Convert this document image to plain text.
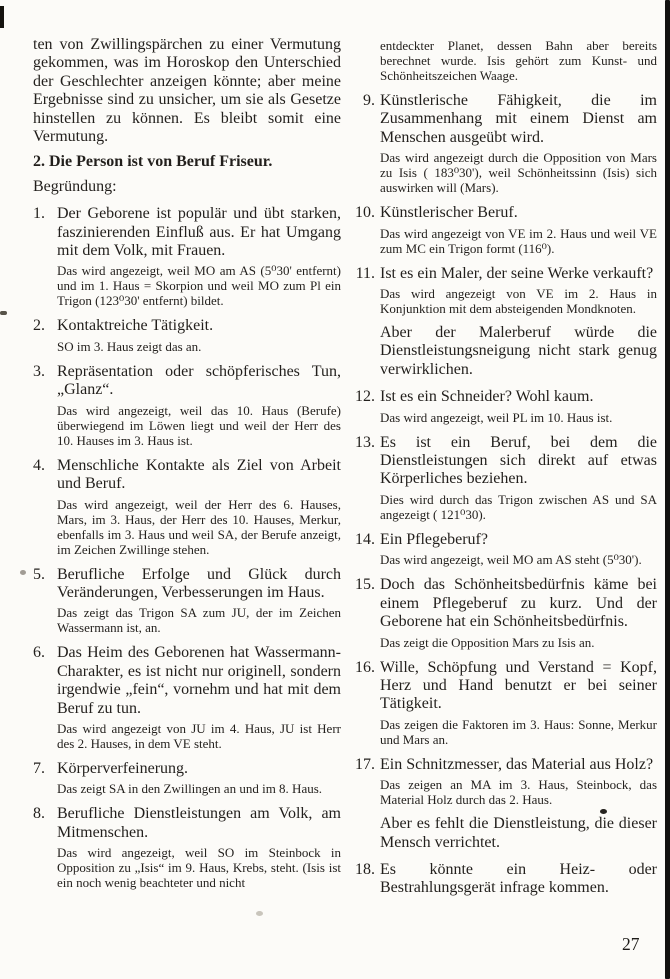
ten von Zwillingspärchen zu einer Vermutung gekommen, was im Horoskop den Unterschied der Geschlechter anzeigen könnte; aber meine Ergebnisse sind zu unsicher, um sie als Gesetze hinstellen zu können. Es bleibt somit eine Vermutung.

2. Die Person ist von Beruf Friseur.

Begründung:

1. Der Geborene ist populär und übt starken, faszinierenden Einfluß aus. Er hat Umgang mit dem Volk, mit Frauen.
Das wird angezeigt, weil MO am AS (5⁰30' entfernt) und im 1. Haus = Skorpion und weil MO zum Pl ein Trigon (123⁰30' entfernt) bildet.
2. Kontaktreiche Tätigkeit.
SO im 3. Haus zeigt das an.
3. Repräsentation oder schöpferisches Tun, „Glanz“.
Das wird angezeigt, weil das 10. Haus (Berufe) überwiegend im Löwen liegt und weil der Herr des 10. Hauses im 3. Haus ist.
4. Menschliche Kontakte als Ziel von Arbeit und Beruf.
Das wird angezeigt, weil der Herr des 6. Hauses, Mars, im 3. Haus, der Herr des 10. Hauses, Merkur, ebenfalls im 3. Haus und weil SA, der Berufe anzeigt, im Zeichen Zwillinge stehen.
5. Berufliche Erfolge und Glück durch Veränderungen, Verbesserungen im Haus.
Das zeigt das Trigon SA zum JU, der im Zeichen Wassermann ist, an.
6. Das Heim des Geborenen hat Wassermann-Charakter, es ist nicht nur originell, sondern irgendwie „fein“, vornehm und hat mit dem Beruf zu tun.
Das wird angezeigt von JU im 4. Haus, JU ist Herr des 2. Hauses, in dem VE steht.
7. Körperverfeinerung.
Das zeigt SA in den Zwillingen an und im 8. Haus.
8. Berufliche Dienstleistungen am Volk, am Mitmenschen.
Das wird angezeigt, weil SO im Steinbock in Opposition zu „Isis“ im 9. Haus, Krebs, steht. (Isis ist ein noch wenig beachteter und nicht

entdeckter Planet, dessen Bahn aber bereits berechnet wurde. Isis gehört zum Kunst- und Schönheitszeichen Waage.

9. Künstlerische Fähigkeit, die im Zusammenhang mit einem Dienst am Menschen ausgeübt wird.
Das wird angezeigt durch die Opposition von Mars zu Isis ( 183⁰30'), weil Schönheitssinn (Isis) sich auswirken will (Mars).
10. Künstlerischer Beruf.
Das wird angezeigt von VE im 2. Haus und weil VE zum MC ein Trigon formt (116⁰).
11. Ist es ein Maler, der seine Werke verkauft?
Das wird angezeigt von VE im 2. Haus in Konjunktion mit dem absteigenden Mondknoten.
Aber der Malerberuf würde die Dienstleistungsneigung nicht stark genug verwirklichen.
12. Ist es ein Schneider? Wohl kaum.
Das wird angezeigt, weil PL im 10. Haus ist.
13. Es ist ein Beruf, bei dem die Dienstleistungen sich direkt auf etwas Körperliches beziehen.
Dies wird durch das Trigon zwischen AS und SA angezeigt ( 121⁰30).
14. Ein Pflegeberuf?
Das wird angezeigt, weil MO am AS steht (5⁰30').
15. Doch das Schönheitsbedürfnis käme bei einem Pflegeberuf zu kurz. Und der Geborene hat ein Schönheitsbedürfnis.
Das zeigt die Opposition Mars zu Isis an.
16. Wille, Schöpfung und Verstand = Kopf, Herz und Hand benutzt er bei seiner Tätigkeit.
Das zeigen die Faktoren im 3. Haus: Sonne, Merkur und Mars an.
17. Ein Schnitzmesser, das Material aus Holz?
Das zeigen an MA im 3. Haus, Steinbock, das Material Holz durch das 2. Haus.
Aber es fehlt die Dienstleistung, die dieser Mensch verrichtet.
18. Es könnte ein Heiz- oder Bestrahlungsgerät infrage kommen.
27
